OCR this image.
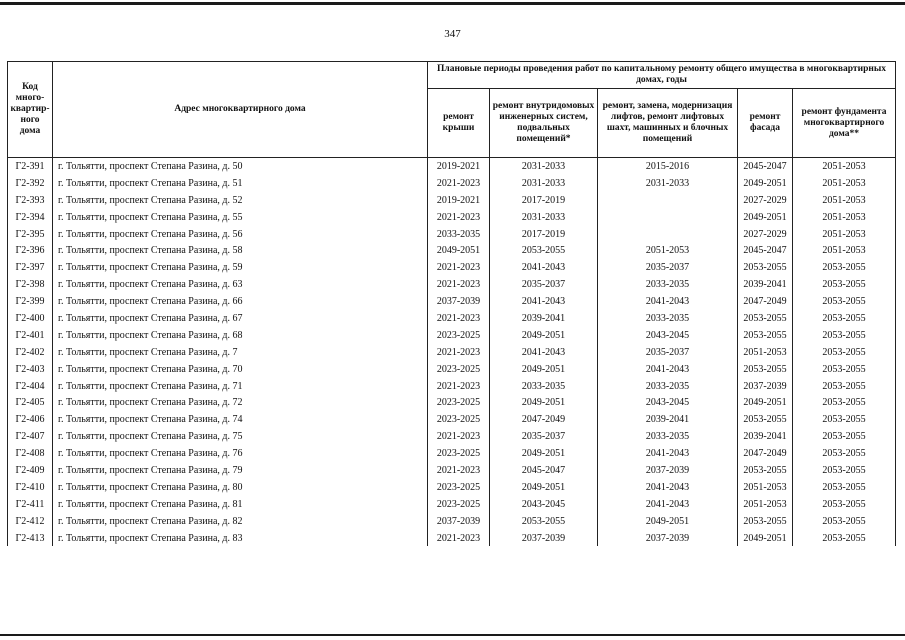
347
Код много-квартир-ного дома	Адрес многоквартирного дома	Плановые периоды проведения работ по капитальному ремонту общего имущества в многоквартирных домах, годы				
		ремонт крыши	ремонт внутридомовых инженерных систем, подвальных помещений*	ремонт, замена, модернизация лифтов, ремонт лифтовых шахт, машинных и блочных помещений	ремонт фасада	ремонт фундамента многоквартирного дома**
Г2-391	г. Тольятти, проспект Степана Разина, д. 50	2019-2021	2031-2033	2015-2016	2045-2047	2051-2053
Г2-392	г. Тольятти, проспект Степана Разина, д. 51	2021-2023	2031-2033	2031-2033	2049-2051	2051-2053
Г2-393	г. Тольятти, проспект Степана Разина, д. 52	2019-2021	2017-2019		2027-2029	2051-2053
Г2-394	г. Тольятти, проспект Степана Разина, д. 55	2021-2023	2031-2033		2049-2051	2051-2053
Г2-395	г. Тольятти, проспект Степана Разина, д. 56	2033-2035	2017-2019		2027-2029	2051-2053
Г2-396	г. Тольятти, проспект Степана Разина, д. 58	2049-2051	2053-2055	2051-2053	2045-2047	2051-2053
Г2-397	г. Тольятти, проспект Степана Разина, д. 59	2021-2023	2041-2043	2035-2037	2053-2055	2053-2055
Г2-398	г. Тольятти, проспект Степана Разина, д. 63	2021-2023	2035-2037	2033-2035	2039-2041	2053-2055
Г2-399	г. Тольятти, проспект Степана Разина, д. 66	2037-2039	2041-2043	2041-2043	2047-2049	2053-2055
Г2-400	г. Тольятти, проспект Степана Разина, д. 67	2021-2023	2039-2041	2033-2035	2053-2055	2053-2055
Г2-401	г. Тольятти, проспект Степана Разина, д. 68	2023-2025	2049-2051	2043-2045	2053-2055	2053-2055
Г2-402	г. Тольятти, проспект Степана Разина, д. 7	2021-2023	2041-2043	2035-2037	2051-2053	2053-2055
Г2-403	г. Тольятти, проспект Степана Разина, д. 70	2023-2025	2049-2051	2041-2043	2053-2055	2053-2055
Г2-404	г. Тольятти, проспект Степана Разина, д. 71	2021-2023	2033-2035	2033-2035	2037-2039	2053-2055
Г2-405	г. Тольятти, проспект Степана Разина, д. 72	2023-2025	2049-2051	2043-2045	2049-2051	2053-2055
Г2-406	г. Тольятти, проспект Степана Разина, д. 74	2023-2025	2047-2049	2039-2041	2053-2055	2053-2055
Г2-407	г. Тольятти, проспект Степана Разина, д. 75	2021-2023	2035-2037	2033-2035	2039-2041	2053-2055
Г2-408	г. Тольятти, проспект Степана Разина, д. 76	2023-2025	2049-2051	2041-2043	2047-2049	2053-2055
Г2-409	г. Тольятти, проспект Степана Разина, д. 79	2021-2023	2045-2047	2037-2039	2053-2055	2053-2055
Г2-410	г. Тольятти, проспект Степана Разина, д. 80	2023-2025	2049-2051	2041-2043	2051-2053	2053-2055
Г2-411	г. Тольятти, проспект Степана Разина, д. 81	2023-2025	2043-2045	2041-2043	2051-2053	2053-2055
Г2-412	г. Тольятти, проспект Степана Разина, д. 82	2037-2039	2053-2055	2049-2051	2053-2055	2053-2055
Г2-413	г. Тольятти, проспект Степана Разина, д. 83	2021-2023	2037-2039	2037-2039	2049-2051	2053-2055
